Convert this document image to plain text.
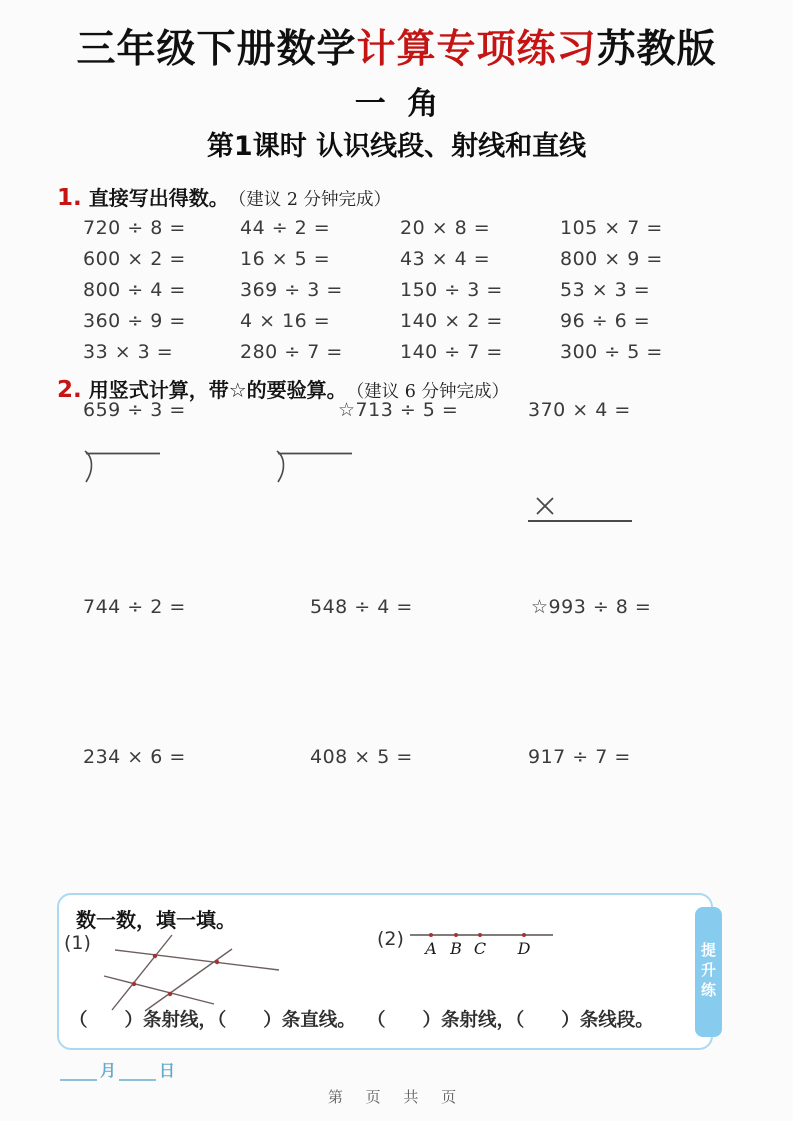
三年级下册数学计算专项练习苏教版
一  角
第1课时 认识线段、射线和直线
1. 直接写出得数。 （建议 2 分钟完成）
720 ÷ 8 =	44 ÷ 2 =	20 × 8 =	105 × 7 =
600 × 2 =	16 × 5 =	43 × 4 =	800 × 9 =
800 ÷ 4 =	369 ÷ 3 =	150 ÷ 3 =	53 × 3 =
360 ÷ 9 =	4 × 16 =	140 × 2 =	96 ÷ 6 =
33 × 3 =	280 ÷ 7 =	140 ÷ 7 =	300 ÷ 5 =
2. 用竖式计算，带☆的要验算。 （建议 6 分钟完成）
659 ÷ 3 =	☆713 ÷ 5 =	370 × 4 =
744 ÷ 2 =	548 ÷ 4 =	☆993 ÷ 8 =
234 × 6 =	408 × 5 =	917 ÷ 7 =
数一数，填一填。
(1)	(2) A B C D
（　　）条射线，（　　）条直线。 （　　）条射线，（　　）条线段。
提升练
月	日
第 页 共 页
